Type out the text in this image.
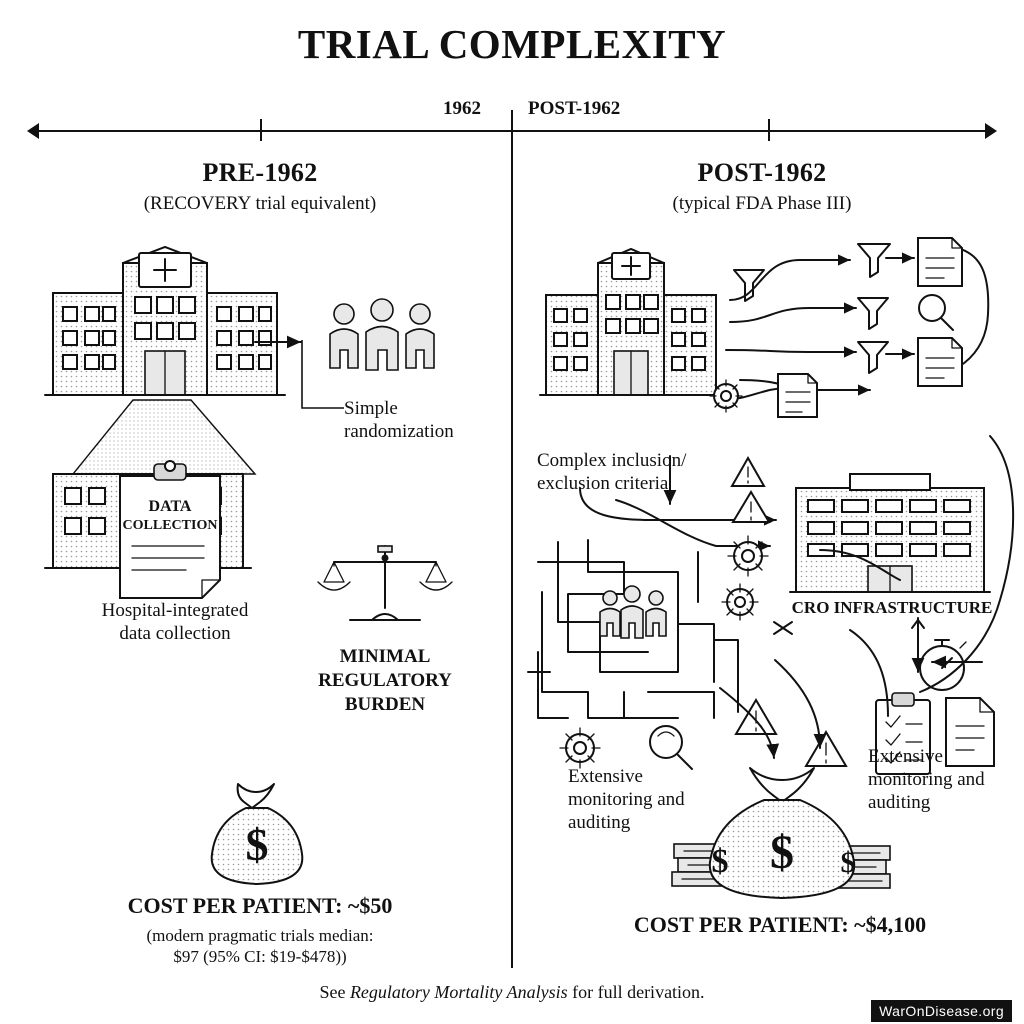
TRIAL COMPLEXITY
1962 POST-1962
PRE-1962
(RECOVERY trial equivalent)
POST-1962
(typical FDA Phase III)
Simple
randomization
DATA
COLLECTION
Hospital-integrated
data collection
MINIMAL
REGULATORY
BURDEN
$
COST PER PATIENT: ~$50
(modern pragmatic trials median:
$97 (95% CI: $19-$478))
Complex inclusion/
exclusion criteria
CRO INFRASTRUCTURE
Extensive
monitoring and
auditing
Extensive
monitoring and
auditing
$
$	$
COST PER PATIENT: ~$4,100
See Regulatory Mortality Analysis for full derivation.
WarOnDisease.org
